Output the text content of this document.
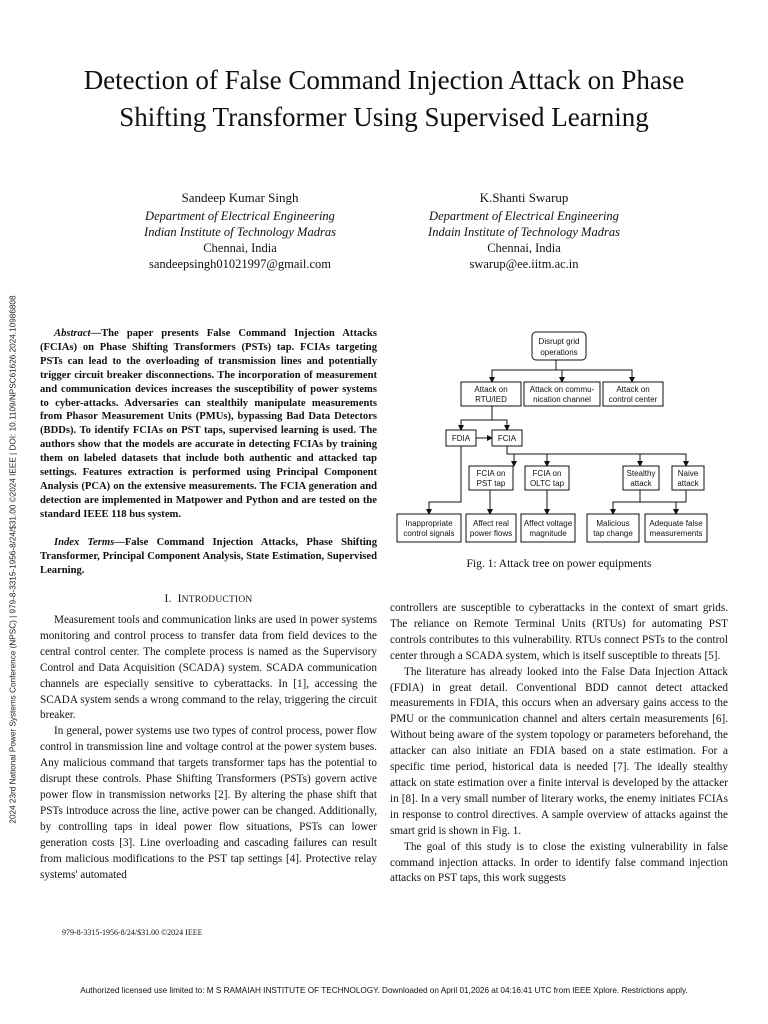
Detection of False Command Injection Attack on Phase Shifting Transformer Using Supervised Learning
Sandeep Kumar Singh
Department of Electrical Engineering
Indian Institute of Technology Madras
Chennai, India
sandeepsingh01021997@gmail.com
K.Shanti Swarup
Department of Electrical Engineering
Indain Institute of Technology Madras
Chennai, India
swarup@ee.iitm.ac.in

Abstract—The paper presents False Command Injection Attacks (FCIAs) on Phase Shifting Transformers (PSTs) tap. FCIAs targeting PSTs can lead to the overloading of transmission lines and potentially trigger circuit breaker disconnections. The incorporation of measurement and communication devices increases the susceptibility of power systems to cyber-attacks. Adversaries can stealthily manipulate measurements from Phasor Measurement Units (PMUs), bypassing Bad Data Detectors (BDDs). To identify FCIAs on PST taps, supervised learning is used. The authors show that the models are accurate in detecting FCIAs by training them on labeled datasets that include both authentic and attacked tap settings. Features extraction is performed using Principal Component Analysis (PCA) on the extensive measurements. The FCIA generation and detection are implemented in Matpower and Python and are tested on the standard IEEE 118 bus system.

Index Terms—False Command Injection Attacks, Phase Shifting Transformer, Principal Component Analysis, State Estimation, Supervised Learning.

I.  INTRODUCTION

Measurement tools and communication links are used in power systems monitoring and control process to transfer data from field devices to the central control center. The complete process is named as the Supervisory Control and Data Acquisition (SCADA) system. SCADA communication channels are especially sensitive to cyberattacks. In [1], accessing the SCADA system sends a wrong command to the relay, triggering the circuit breaker.

In general, power systems use two types of control process, power flow control in transmission line and voltage control at the power system buses. Any malicious command that targets transformer taps has the potential to disrupt these controls. Phase Shifting Transformers (PSTs) govern active power flow in transmission networks [2]. By altering the phase shift that PSTs introduce across the line, active power can be changed. Additionally, by controlling taps in ideal power flow situations, PSTs can lower generation costs [3]. Line overloading and cascading failures can result from malicious modifications to the PST tap settings [4]. Protective relay systems' automated

979-8-3315-1956-8/24/$31.00 ©2024 IEEE
Disrupt grid
operations
Attack on
RTU/IED
Attack on commu-
nication channel
Attack on
control center
FDIA	FCIA
FCIA on
PST tap
FCIA on
OLTC tap
Stealthy
attack
Naive
attack
Inappropriate
control signals
Affect real
power flows
Affect voltage
magnitude
Malicious
tap change
Adequate false
measurements
Fig. 1: Attack tree on power equipments

controllers are susceptible to cyberattacks in the context of smart grids. The reliance on Remote Terminal Units (RTUs) for automating PST controls contributes to this vulnerability. RTUs connect PSTs to the control center through a SCADA system, which is itself susceptible to threats [5].

The literature has already looked into the False Data Injection Attack (FDIA) in great detail. Conventional BDD cannot detect attacked measurements in FDIA, this occurs when an adversary gains access to the PMU or the communication channel and alters certain measurements [6]. Without being aware of the system topology or parameters beforehand, the attacker can also initiate an FDIA based on a state estimation. For a specific time period, historical data is needed [7]. The ideally stealthy attack on state estimation over a finite interval is developed by the attacker in [8]. In a very small number of literary works, the enemy initiates FCIAs in response to control directives. A sample overview of attacks against the smart grid is shown in Fig. 1.

The goal of this study is to close the existing vulnerability in false command injection attacks. In order to identify false command injection attacks on PST taps, this work suggests

2024 23rd National Power Systems Conference (NPSC) | 979-8-3315-1956-8/24/$31.00 ©2024 IEEE | DOI: 10.1109/NPSC61626.2024.10986808
Authorized licensed use limited to: M S RAMAIAH INSTITUTE OF TECHNOLOGY. Downloaded on April 01,2026 at 04:16:41 UTC from IEEE Xplore. Restrictions apply.
